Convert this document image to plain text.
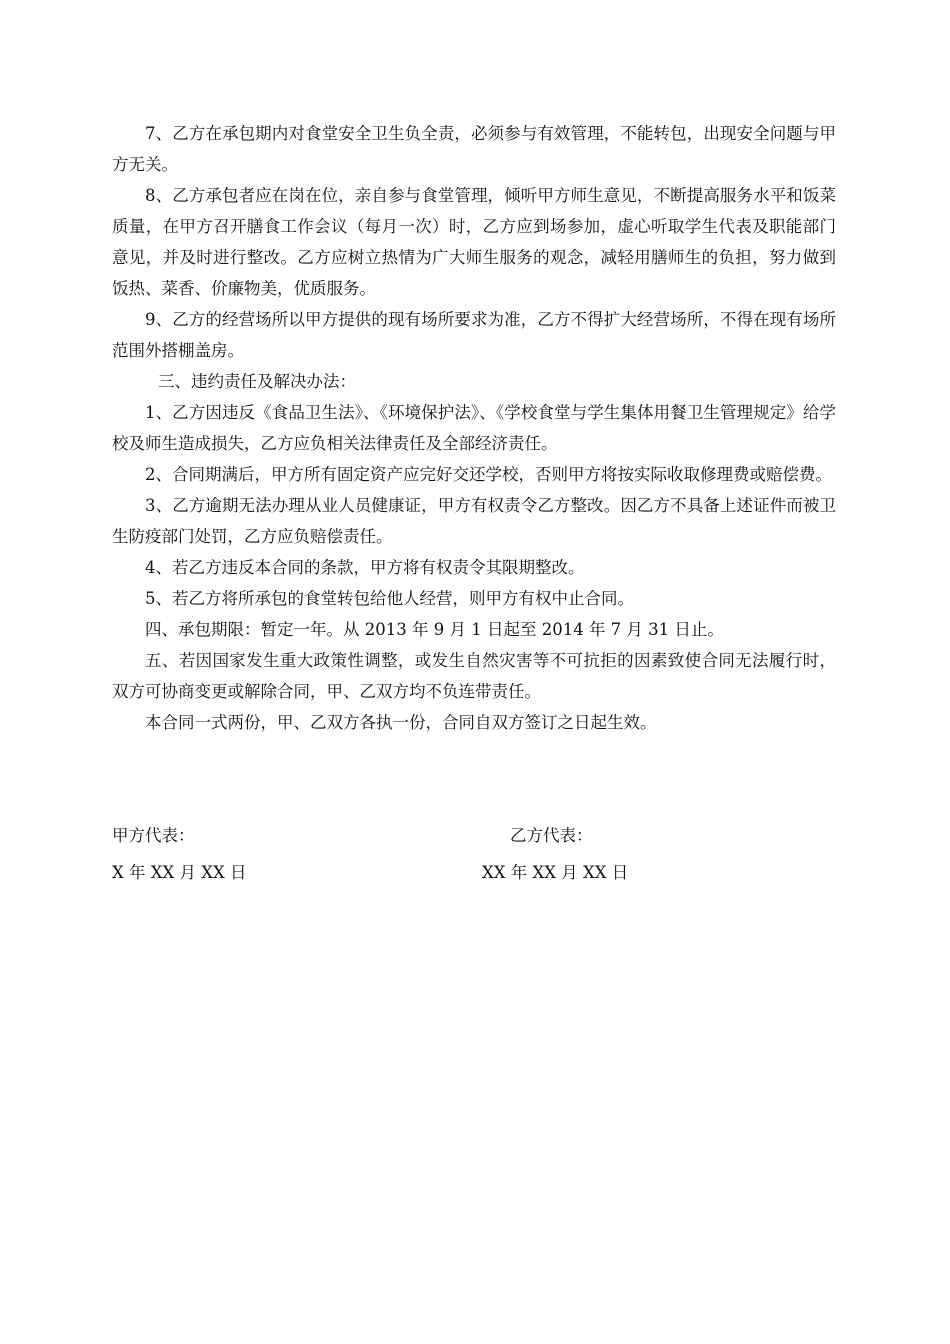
7、乙方在承包期内对食堂安全卫生负全责，必须参与有效管理，不能转包，出现安全问题与甲方无关。

8、乙方承包者应在岗在位，亲自参与食堂管理，倾听甲方师生意见，不断提高服务水平和饭菜质量，在甲方召开膳食工作会议（每月一次）时，乙方应到场参加，虚心听取学生代表及职能部门意见，并及时进行整改。乙方应树立热情为广大师生服务的观念，减轻用膳师生的负担，努力做到饭热、菜香、价廉物美，优质服务。

9、乙方的经营场所以甲方提供的现有场所要求为准，乙方不得扩大经营场所，不得在现有场所范围外搭棚盖房。

三、违约责任及解决办法：

1、乙方因违反《食品卫生法》、《环境保护法》、《学校食堂与学生集体用餐卫生管理规定》给学校及师生造成损失，乙方应负相关法律责任及全部经济责任。

2、合同期满后，甲方所有固定资产应完好交还学校，否则甲方将按实际收取修理费或赔偿费。

3、乙方逾期无法办理从业人员健康证，甲方有权责令乙方整改。因乙方不具备上述证件而被卫生防疫部门处罚，乙方应负赔偿责任。

4、若乙方违反本合同的条款，甲方将有权责令其限期整改。

5、若乙方将所承包的食堂转包给他人经营，则甲方有权中止合同。

四、承包期限：暂定一年。从 2013 年 9 月 1 日起至 2014 年 7 月 31 日止。

五、若因国家发生重大政策性调整，或发生自然灾害等不可抗拒的因素致使合同无法履行时，双方可协商变更或解除合同，甲、乙双方均不负连带责任。

本合同一式两份，甲、乙双方各执一份，合同自双方签订之日起生效。

甲方代表：	乙方代表：
X 年 XX 月 XX 日	XX 年 XX 月 XX 日
